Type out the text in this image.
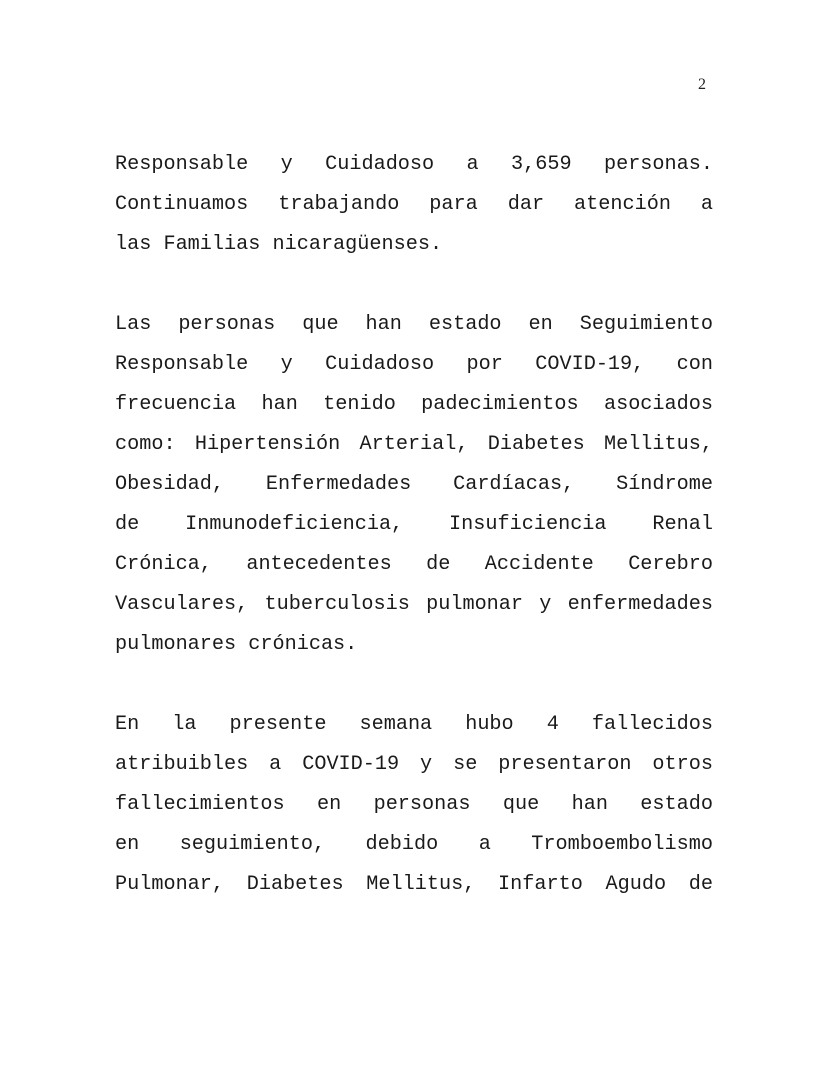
2
Responsable y Cuidadoso a 3,659 personas.
Continuamos trabajando para dar atención a
las Familias nicaragüenses.
Las personas que han estado en Seguimiento
Responsable y Cuidadoso por COVID-19, con
frecuencia han tenido padecimientos asociados
como: Hipertensión Arterial, Diabetes Mellitus,
Obesidad, Enfermedades Cardíacas, Síndrome
de Inmunodeficiencia, Insuficiencia Renal
Crónica, antecedentes de Accidente Cerebro
Vasculares, tuberculosis pulmonar y enfermedades
pulmonares crónicas.
En la presente semana hubo 4 fallecidos
atribuibles a COVID-19 y se presentaron otros
fallecimientos en personas que han estado
en seguimiento, debido a Tromboembolismo
Pulmonar, Diabetes Mellitus, Infarto Agudo de
